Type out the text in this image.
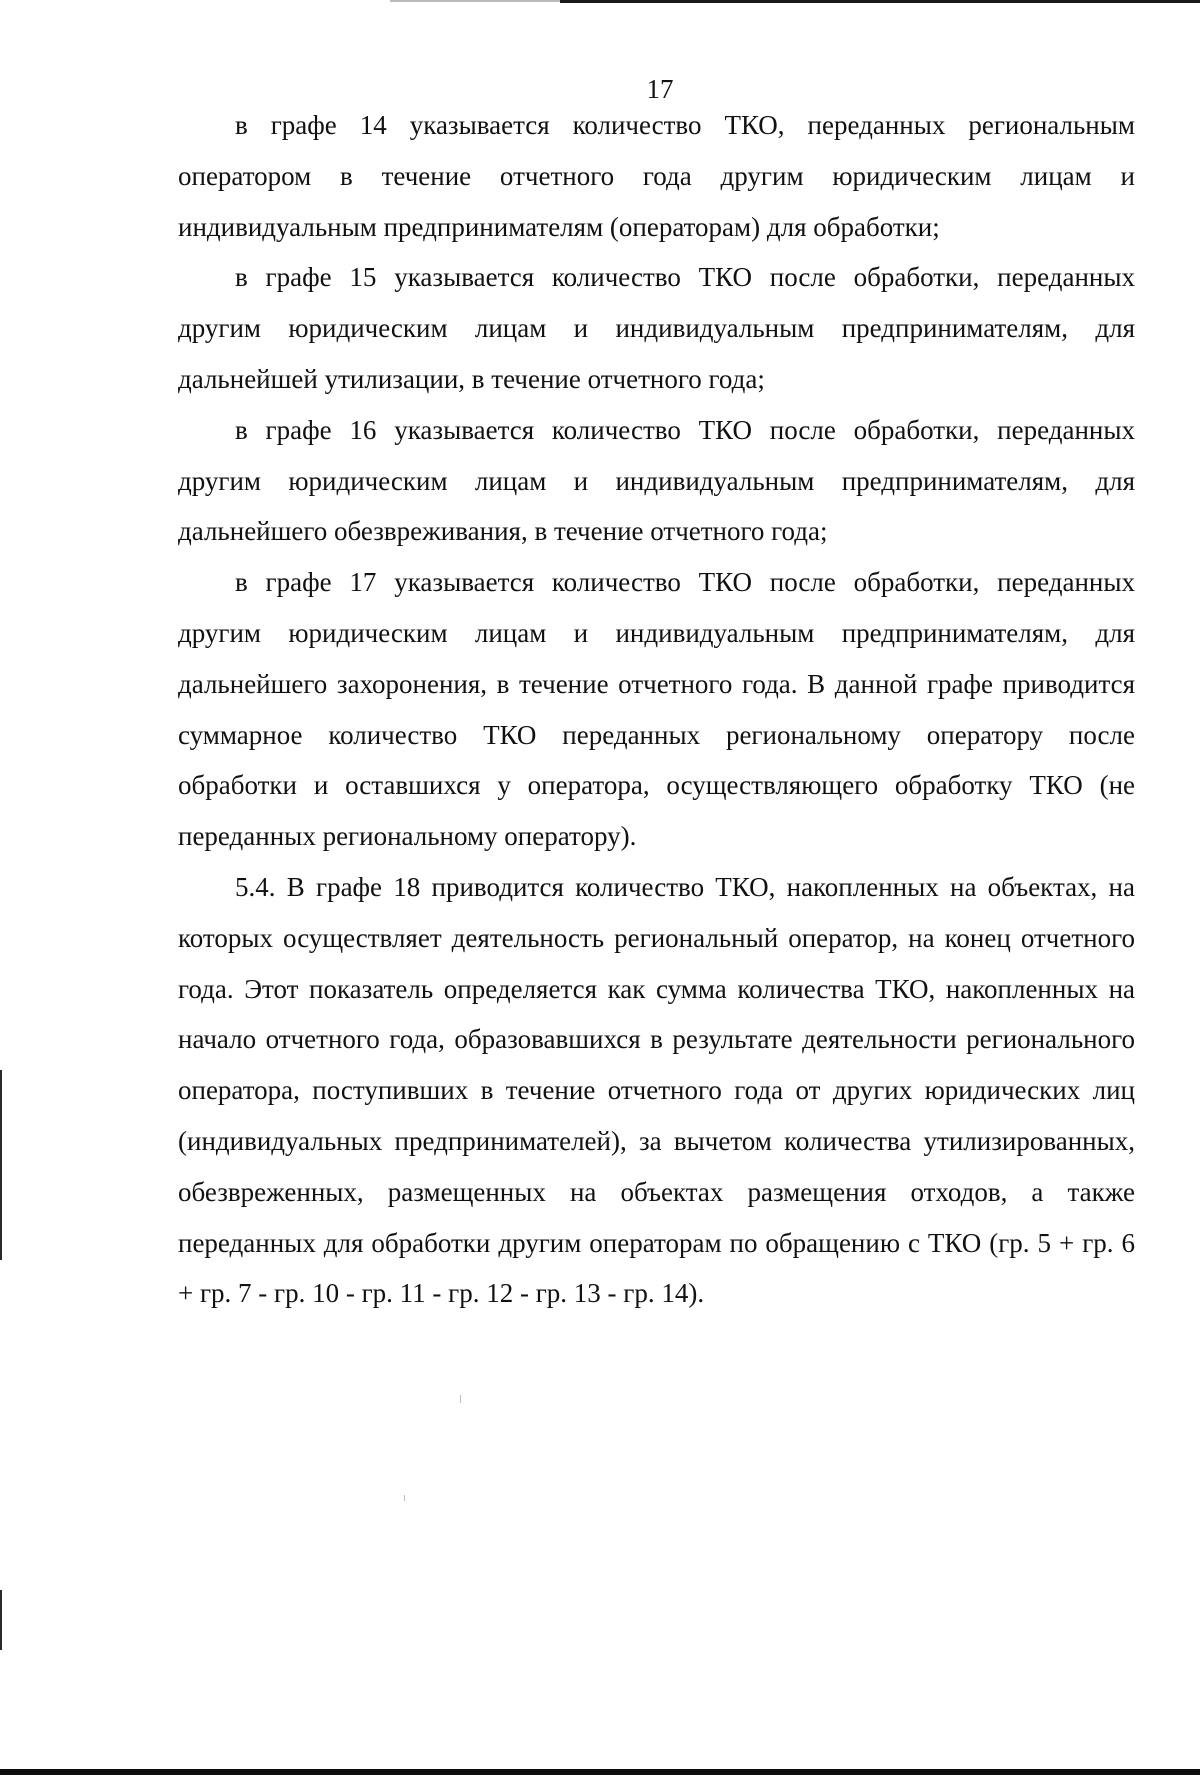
17

в графе 14 указывается количество ТКО, переданных региональным оператором в течение отчетного года другим юридическим лицам и индивидуальным предпринимателям (операторам) для обработки;

в графе 15 указывается количество ТКО после обработки, переданных другим юридическим лицам и индивидуальным предпринимателям, для дальнейшей утилизации, в течение отчетного года;

в графе 16 указывается количество ТКО после обработки, переданных другим юридическим лицам и индивидуальным предпринимателям, для дальнейшего обезвреживания, в течение отчетного года;

в графе 17 указывается количество ТКО после обработки, переданных другим юридическим лицам и индивидуальным предпринимателям, для дальнейшего захоронения, в течение отчетного года. В данной графе приводится суммарное количество ТКО переданных региональному оператору после обработки и оставшихся у оператора, осуществляющего обработку ТКО (не переданных региональному оператору).

5.4. В графе 18 приводится количество ТКО, накопленных на объектах, на которых осуществляет деятельность региональный оператор, на конец отчетного года. Этот показатель определяется как сумма количества ТКО, накопленных на начало отчетного года, образовавшихся в результате деятельности регионального оператора, поступивших в течение отчетного года от других юридических лиц (индивидуальных предпринимателей), за вычетом количества утилизированных, обезвреженных, размещенных на объектах размещения отходов, а также переданных для обработки другим операторам по обращению с ТКО (гр. 5 + гр. 6 + гр. 7 - гр. 10 - гр. 11 - гр. 12 - гр. 13 - гр. 14).
